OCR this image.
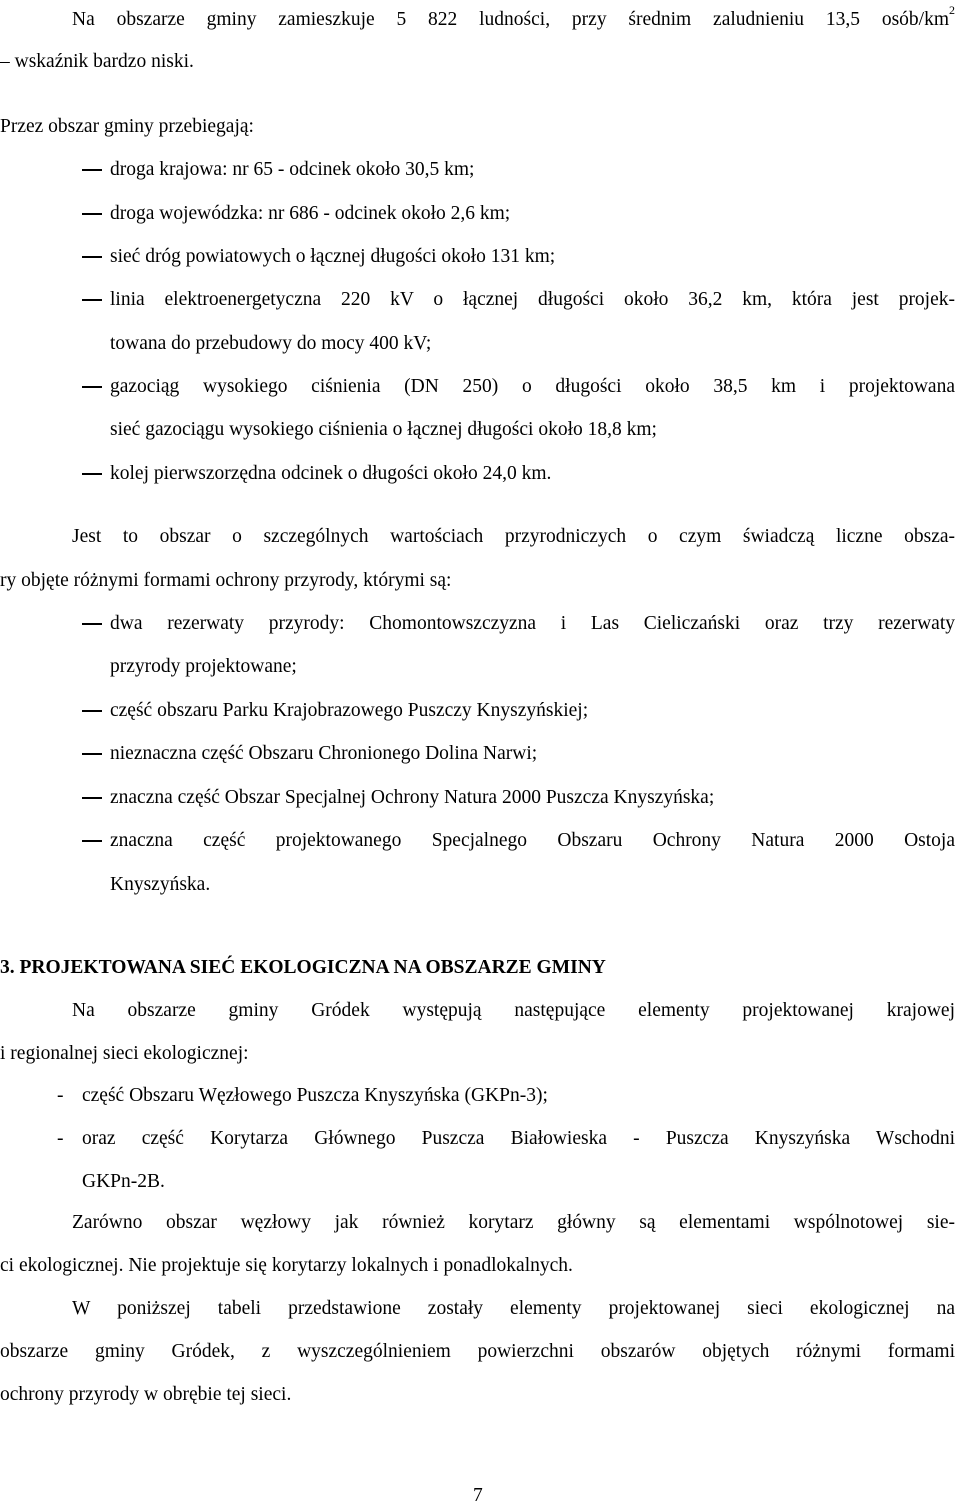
Na obszarze gminy zamieszkuje 5 822 ludności, przy średnim zaludnieniu 13,5 osób/$km^2$
– wskaźnik bardzo niski.
Przez obszar gminy przebiegają:
droga krajowa: nr 65 - odcinek około 30,5 km;
droga wojewódzka: nr 686 - odcinek około 2,6 km;
sieć dróg powiatowych o łącznej długości około 131 km;
linia elektroenergetyczna 220 kV o łącznej długości około 36,2 km, która jest projek-
towana do przebudowy do mocy 400 kV;
gazociąg wysokiego ciśnienia (DN 250) o długości około 38,5 km i projektowana
sieć gazociągu wysokiego ciśnienia o łącznej długości około 18,8 km;
kolej pierwszorzędna odcinek o długości około 24,0 km.
Jest to obszar o szczególnych wartościach przyrodniczych o czym świadczą liczne obsza-
ry objęte różnymi formami ochrony przyrody, którymi są:
dwa rezerwaty przyrody: Chomontowszczyzna i Las Cieliczański oraz trzy rezerwaty
przyrody projektowane;
część obszaru Parku Krajobrazowego Puszczy Knyszyńskiej;
nieznaczna część Obszaru Chronionego Dolina Narwi;
znaczna część Obszar Specjalnej Ochrony Natura 2000 Puszcza Knyszyńska;
znaczna część projektowanego Specjalnego Obszaru Ochrony Natura 2000 Ostoja
Knyszyńska.
3. PROJEKTOWANA SIEĆ EKOLOGICZNA NA OBSZARZE GMINY
Na obszarze gminy Gródek występują następujące elementy projektowanej krajowej
i regionalnej sieci ekologicznej:
- część Obszaru Węzłowego Puszcza Knyszyńska (GKPn-3);
- oraz część Korytarza Głównego Puszcza Białowieska - Puszcza Knyszyńska Wschodni
GKPn-2B.
Zarówno obszar węzłowy jak również korytarz główny są elementami wspólnotowej sie-
ci ekologicznej. Nie projektuje się korytarzy lokalnych i ponadlokalnych.
W poniższej tabeli przedstawione zostały elementy projektowanej sieci ekologicznej na
obszarze gminy Gródek, z wyszczególnieniem powierzchni obszarów objętych różnymi formami
ochrony przyrody w obrębie tej sieci.
7
